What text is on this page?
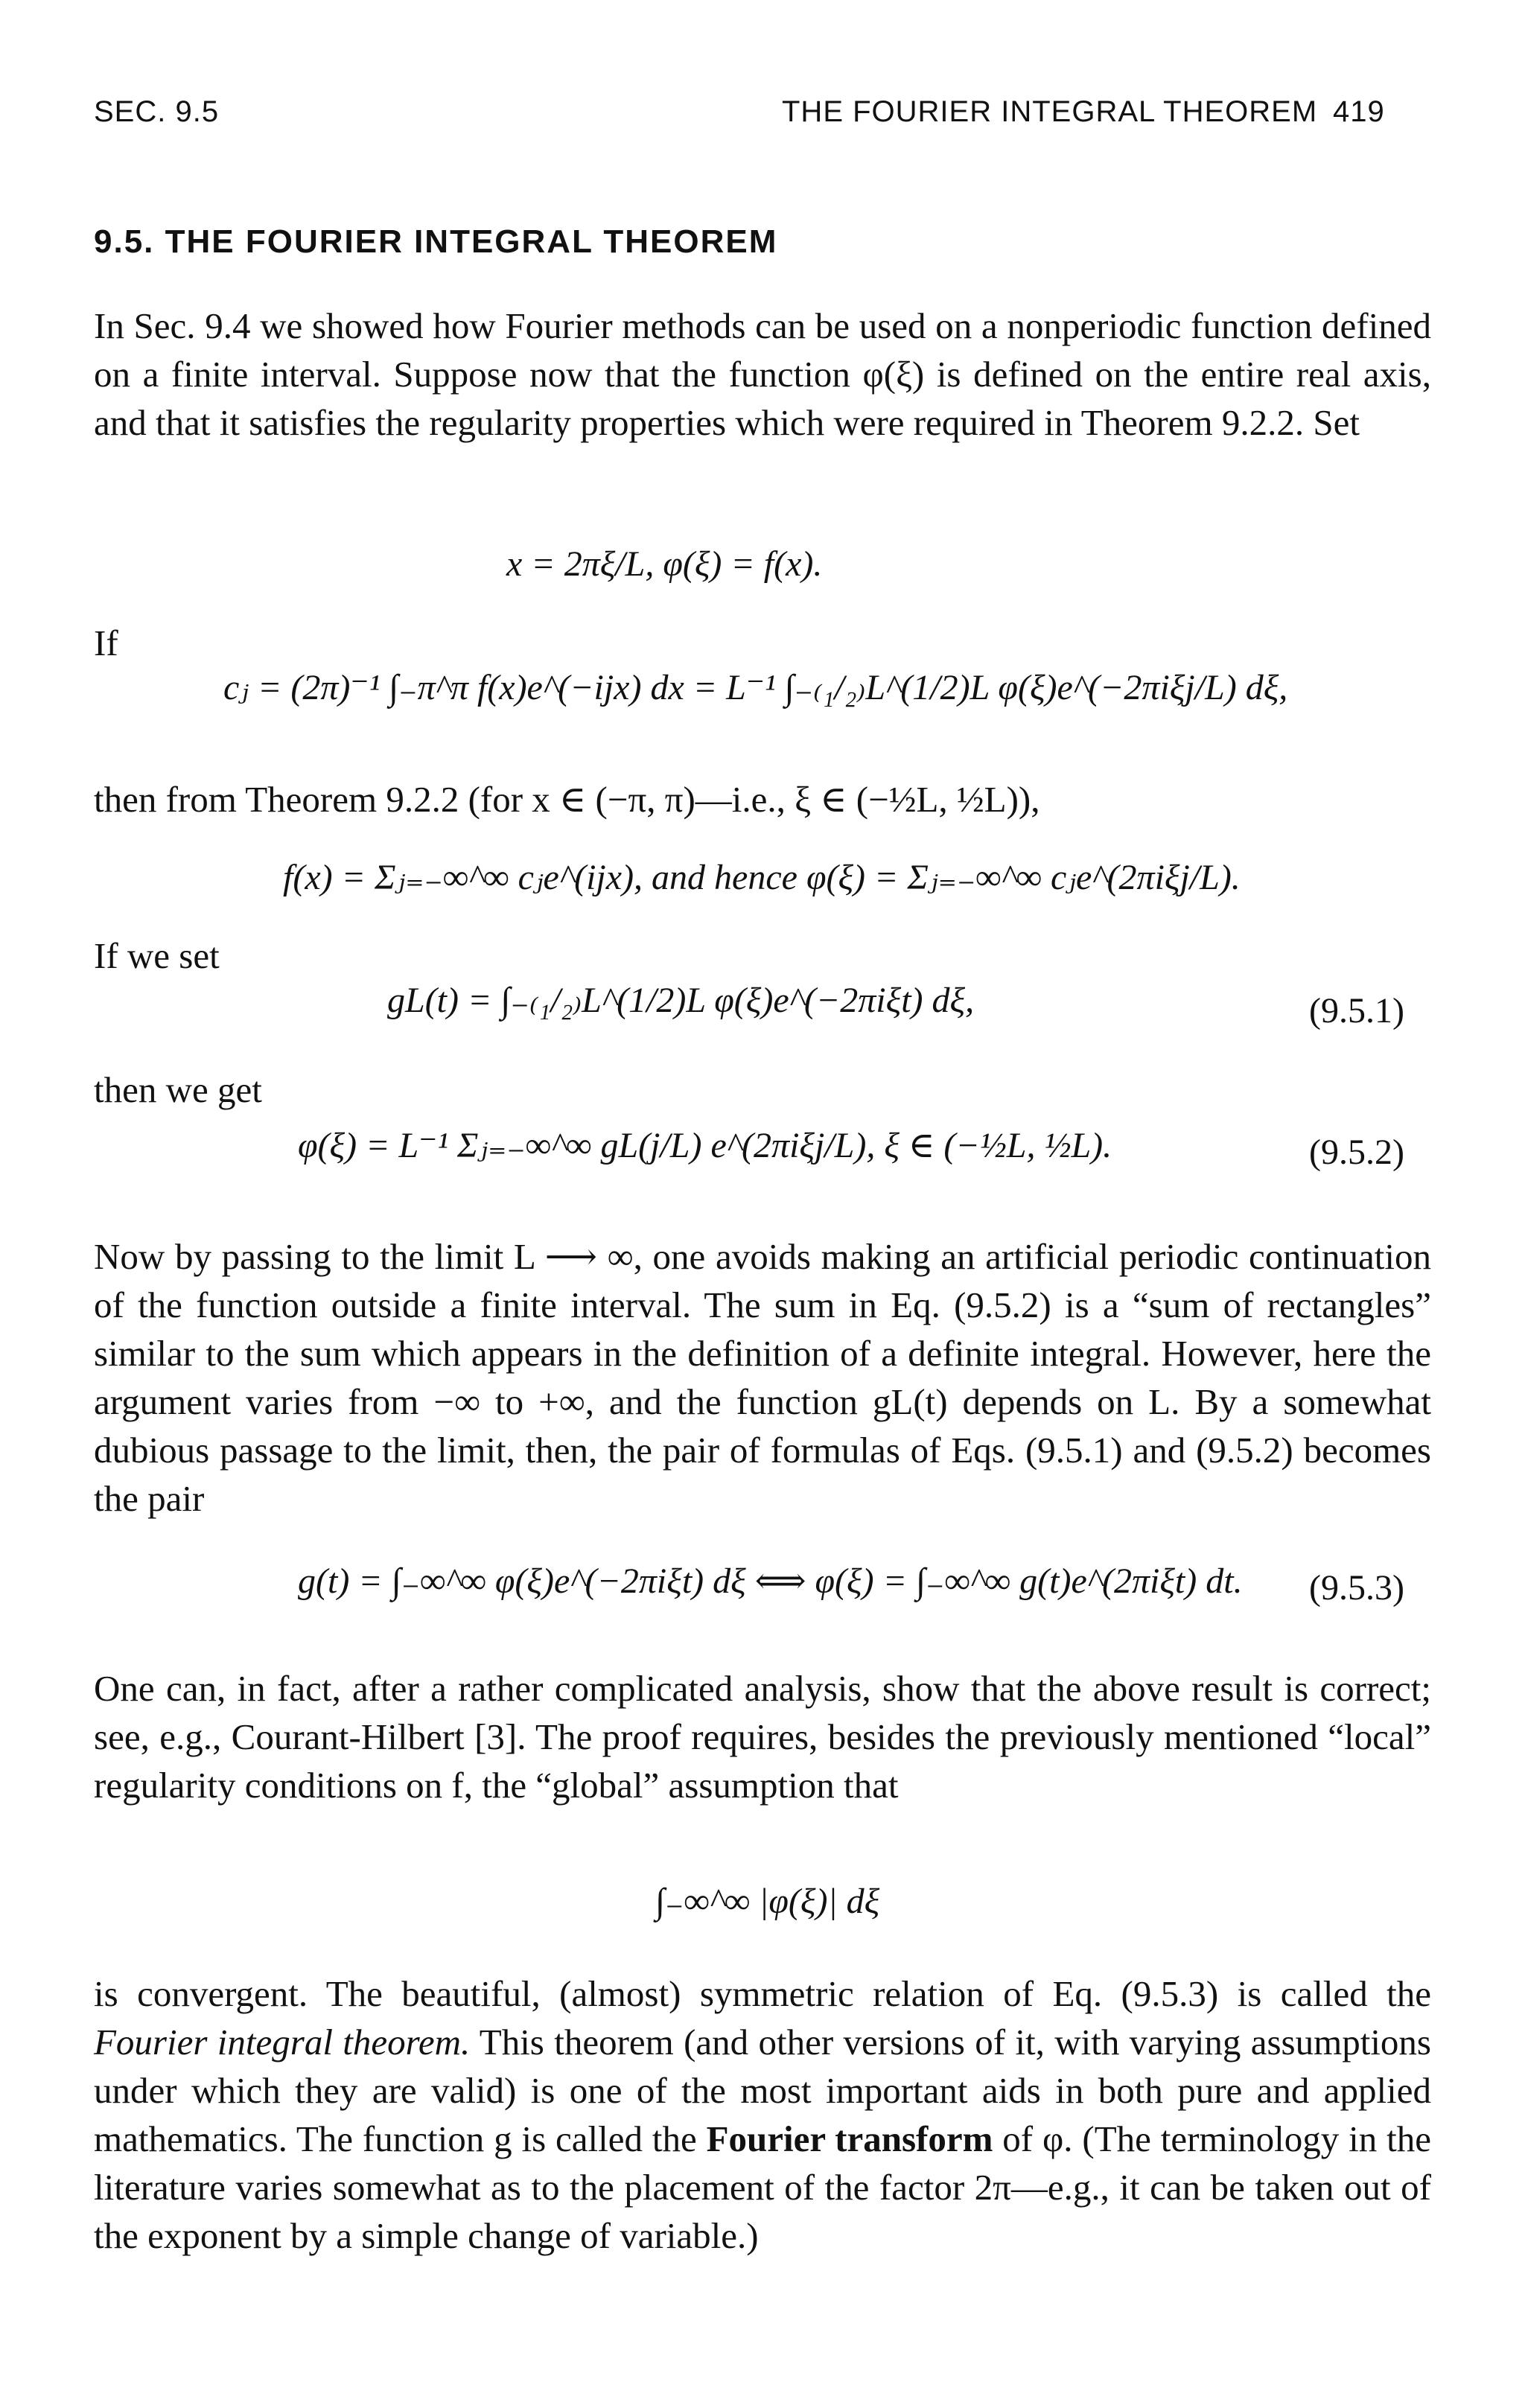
SEC. 9.5	THE FOURIER INTEGRAL THEOREM 419
9.5. THE FOURIER INTEGRAL THEOREM

In Sec. 9.4 we showed how Fourier methods can be used on a nonperiodic function defined on a finite interval. Suppose now that the function φ(ξ) is defined on the entire real axis, and that it satisfies the regularity properties which were required in Theorem 9.2.2. Set

x = 2πξ/L, φ(ξ) = f(x).
If
cⱼ = (2π)⁻¹ ∫₋π^π f(x)e^(−ijx) dx = L⁻¹ ∫₋₍₁/₂₎L^(1/2)L φ(ξ)e^(−2πiξj/L) dξ,
then from Theorem 9.2.2 (for x ∈ (−π, π)—i.e., ξ ∈ (−½L, ½L)),
f(x) = Σⱼ₌₋∞^∞ cⱼe^(ijx), and hence φ(ξ) = Σⱼ₌₋∞^∞ cⱼe^(2πiξj/L).
If we set
gL(t) = ∫₋₍₁/₂₎L^(1/2)L φ(ξ)e^(−2πiξt) dξ,	(9.5.1)
then we get
φ(ξ) = L⁻¹ Σⱼ₌₋∞^∞ gL(j/L) e^(2πiξj/L), ξ ∈ (−½L, ½L).	(9.5.2)

Now by passing to the limit L ⟶ ∞, one avoids making an artificial periodic continuation of the function outside a finite interval. The sum in Eq. (9.5.2) is a “sum of rectangles” similar to the sum which appears in the definition of a definite integral. However, here the argument varies from −∞ to +∞, and the function gL(t) depends on L. By a somewhat dubious passage to the limit, then, the pair of formulas of Eqs. (9.5.1) and (9.5.2) becomes the pair

g(t) = ∫₋∞^∞ φ(ξ)e^(−2πiξt) dξ ⟺ φ(ξ) = ∫₋∞^∞ g(t)e^(2πiξt) dt. (9.5.3)

One can, in fact, after a rather complicated analysis, show that the above result is correct; see, e.g., Courant-Hilbert [3]. The proof requires, besides the previously mentioned “local” regularity conditions on f, the “global” assumption that

∫₋∞^∞ |φ(ξ)| dξ

is convergent. The beautiful, (almost) symmetric relation of Eq. (9.5.3) is called the Fourier integral theorem. This theorem (and other versions of it, with varying assumptions under which they are valid) is one of the most important aids in both pure and applied mathematics. The function g is called the Fourier transform of φ. (The terminology in the literature varies somewhat as to the placement of the factor 2π—e.g., it can be taken out of the exponent by a simple change of variable.)
